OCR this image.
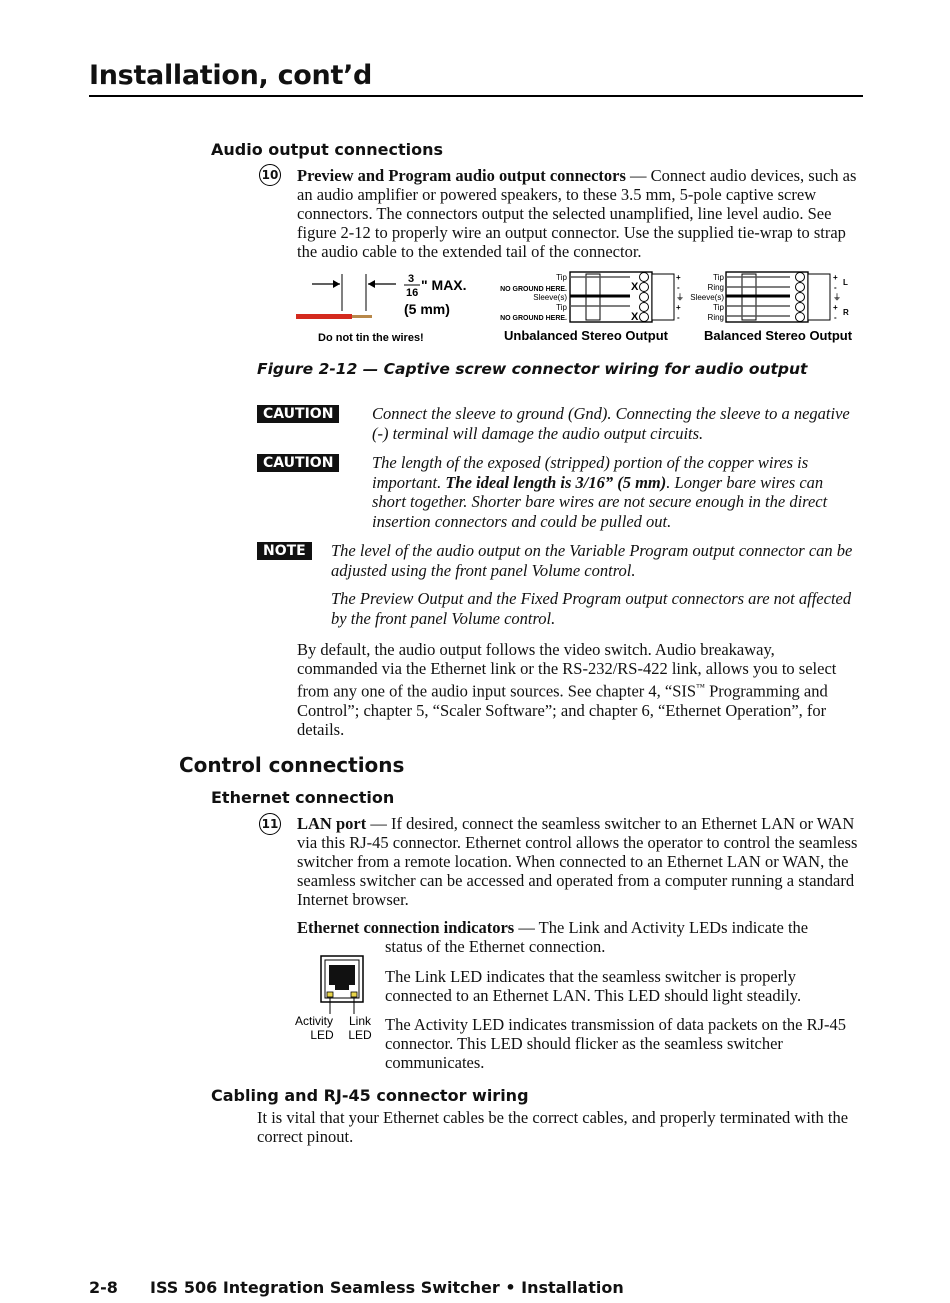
Installation, cont’d
Audio output connections
10 Preview and Program audio output connectors — Connect audio devices, such as an audio amplifier or powered speakers, to these 3.5 mm, 5-pole captive screw connectors. The connectors output the selected unamplified, line level audio. See figure 2-12 to properly wire an output connector. Use the supplied tie-wrap to strap the audio cable to the extended tail of the connector.
3
16 " MAX.
(5 mm)
Do not tin the wires!
Tip
NO GROUND HERE.
Sleeve(s)
Tip
NO GROUND HERE.
X
X
+
-
⏚
+
-
Unbalanced Stereo Output
Tip
Ring
Sleeve(s)
Tip
Ring
+
-
⏚
+
-
L
R
Balanced Stereo Output
Figure 2-12 — Captive screw connector wiring for audio output
CAUTION	Connect the sleeve to ground (Gnd). Connecting the sleeve to a negative (-) terminal will damage the audio output circuits.
CAUTION	The length of the exposed (stripped) portion of the copper wires is important. The ideal length is 3/16” (5 mm). Longer bare wires can short together. Shorter bare wires are not secure enough in the direct insertion connectors and could be pulled out.
NOTE	The level of the audio output on the Variable Program output connector can be adjusted using the front panel Volume control.
The Preview Output and the Fixed Program output connectors are not affected by the front panel Volume control.
By default, the audio output follows the video switch. Audio breakaway, commanded via the Ethernet link or the RS-232/RS-422 link, allows you to select from any one of the audio input sources. See chapter 4, “SIS™ Programming and Control”; chapter 5, “Scaler Software”; and chapter 6, “Ethernet Operation”, for details.
Control connections
Ethernet connection
11 LAN port — If desired, connect the seamless switcher to an Ethernet LAN or WAN via this RJ-45 connector. Ethernet control allows the operator to control the seamless switcher from a remote location. When connected to an Ethernet LAN or WAN, the seamless switcher can be accessed and operated from a computer running a standard Internet browser.
Ethernet connection indicators — The Link and Activity LEDs indicate the
status of the Ethernet connection.
Activity
LED
Link
LED
The Link LED indicates that the seamless switcher is properly connected to an Ethernet LAN. This LED should light steadily.
The Activity LED indicates transmission of data packets on the RJ-45 connector. This LED should flicker as the seamless switcher communicates.
Cabling and RJ-45 connector wiring
It is vital that your Ethernet cables be the correct cables, and properly terminated with the correct pinout.
2-8 ISS 506 Integration Seamless Switcher • Installation
